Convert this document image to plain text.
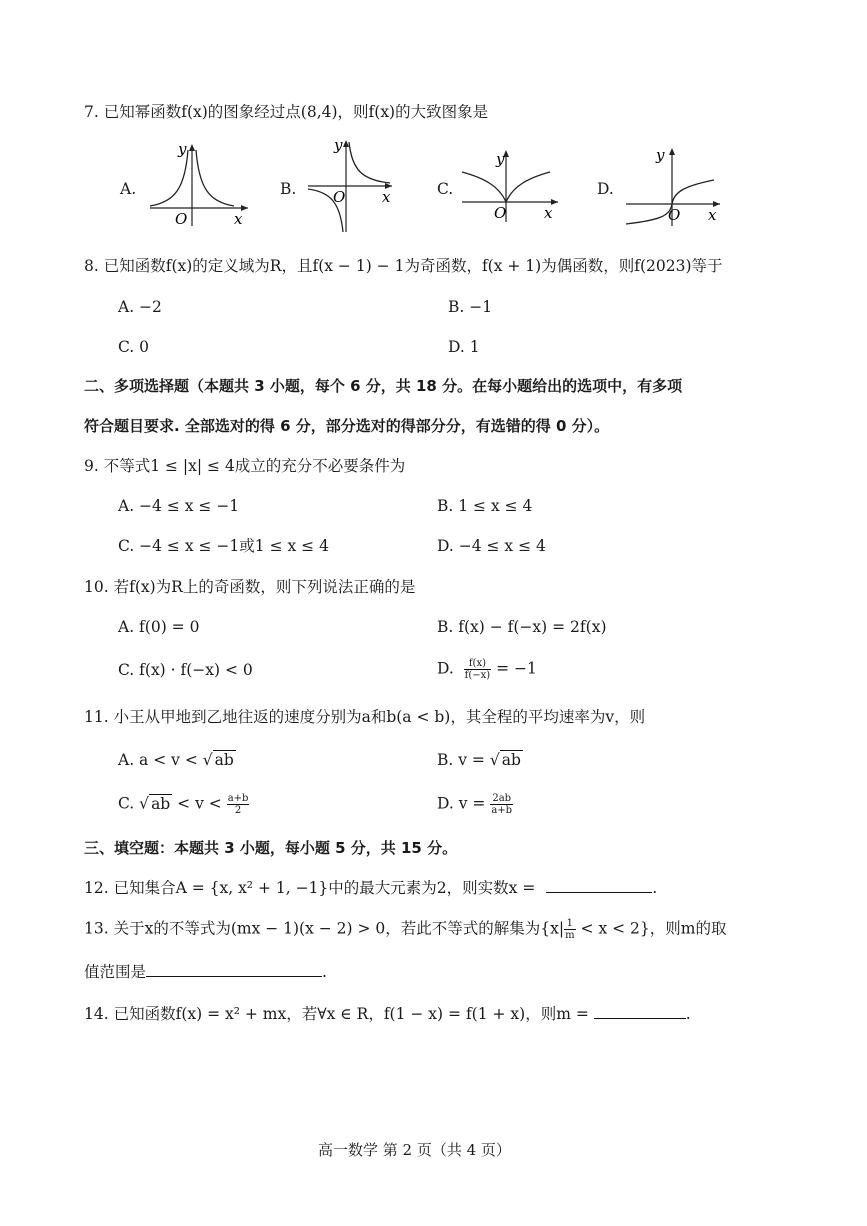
7. 已知幂函数f(x)的图象经过点(8,4)，则f(x)的大致图象是
A.
y
x
O
B.
y
x
O	C.
y
x
O
D.
y
x
O
8. 已知函数f(x)的定义域为R，且f(x − 1) − 1为奇函数，f(x + 1)为偶函数，则f(2023)等于
A. −2	B. −1
C. 0	D. 1
二、多项选择题（本题共 3 小题，每个 6 分，共 18 分。在每小题给出的选项中，有多项
符合题目要求. 全部选对的得 6 分，部分选对的得部分分，有选错的得 0 分）。
9. 不等式1 ≤ |x| ≤ 4成立的充分不必要条件为
A. −4 ≤ x ≤ −1	B. 1 ≤ x ≤ 4
C. −4 ≤ x ≤ −1或1 ≤ x ≤ 4	D. −4 ≤ x ≤ 4
10. 若f(x)为R上的奇函数，则下列说法正确的是
A. f(0) = 0	B. f(x) − f(−x) = 2f(x)
C. f(x) · f(−x) < 0	D. $\frac{f(x)}{f(-x)} = -1$
11. 小王从甲地到乙地往返的速度分别为a和b(a < b)，其全程的平均速率为v，则
A. a < v < √ ab	B. v = √ ab
C. √ ab < $v < \frac{a+b}{2}$	D. $v = \frac{2ab}{a+b}$
三、填空题：本题共 3 小题，每小题 5 分，共 15 分。
12. 已知集合A = {x, x² + 1, −1}中的最大元素为2，则实数x =	.
13. 关于x的不等式为(mx − 1)(x − 2) > 0，若此不等式的解集为$\{x| \frac{1}{m} < x < 2\}$，则m的取
值范围是	.
14. 已知函数f(x) = x² + mx，若∀x ∈ R，f(1 − x) = f(1 + x)，则m =	.
高一数学 第 2 页（共 4 页）
